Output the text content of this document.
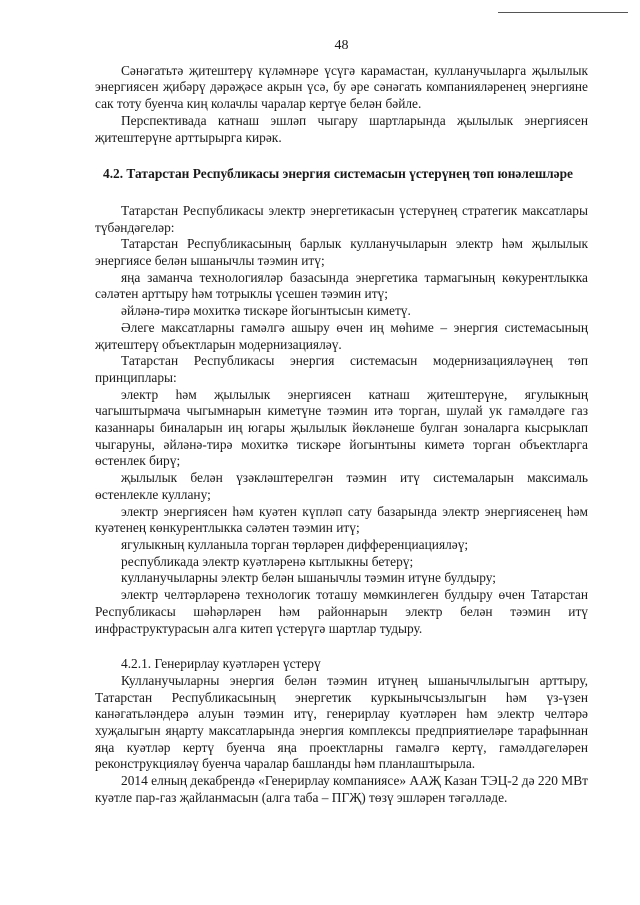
48

Сәнәгатьтә җитештерү күләмнәре үсүгә карамастан, кулланучыларга җылылык энергиясен җибәрү дәрәҗәсе акрын үсә, бу әре сәнәгать компанияләренең энергияне сак тоту буенча киң колачлы чаралар кертүе белән бәйле.

Перспективада катнаш эшләп чыгару шартларында җылылык энергиясен җитештерүне арттырырга кирәк.

4.2. Татарстан Республикасы энергия системасын үстерүнең төп юнәлешләре

Татарстан Республикасы электр энергетикасын үстерүнең стратегик максатлары түбәндәгеләр:

Татарстан Республикасының барлык кулланучыларын электр һәм җылылык энергиясе белән ышанычлы тәэмин итү;

яңа заманча технологияләр базасында энергетика тармагының көкурентлыкка сәләтен арттыру һәм тотрыклы үсешен тәэмин итү;

әйләнә-тирә мохиткә тискәре йогынтысын киметү.

Әлеге максатларны гамәлгә ашыру өчен иң мөһиме – энергия системасының җитештерү объектларын модернизацияләү.

Татарстан Республикасы энергия системасын модернизацияләүнең төп принциплары:

электр һәм җылылык энергиясен катнаш җитештерүне, ягулыкның чагыштырмача чыгымнарын киметүне тәэмин итә торган, шулай ук гамәлдәге газ казаннары биналарын иң югары җылылык йөкләнеше булган зоналарга кысрыклап чыгаруны, әйләнә-тирә мохиткә тискәре йогынтыны киметә торган объектларга өстенлек бирү;

җылылык белән үзәкләштерелгән тәэмин итү системаларын максималь өстенлекле куллану;

электр энергиясен һәм куәтен күпләп сату базарында электр энергиясенең һәм куәтенең көнкурентлыкка сәләтен тәэмин итү;

ягулыкның кулланыла торган төрләрен дифференциацияләү;

республикада электр куәтләренә кытлыкны бетерү;

кулланучыларны электр белән ышанычлы тәэмин итүне булдыру;

электр челтәрләренә технологик тоташу мөмкинлеген булдыру өчен Татарстан Республикасы шәһәрләрен һәм районнарын электр белән тәэмин итү инфраструктурасын алга китеп үстерүгә шартлар тудыру.

4.2.1. Генерирлау куәтләрен үстерү

Кулланучыларны энергия белән тәэмин итүнең ышанычлылыгын арттыру, Татарстан Республикасының энергетик куркынычсызлыгын һәм үз-үзен канәгатьләндерә алуын тәэмин итү, генерирлау куәтләрен һәм электр челтәрә хуҗалыгын яңарту максатларында энергия комплексы предприятиеләре тарафыннан яңа куәтләр кертү буенча яңа проектларны гамәлгә кертү, гамәлдәгеләрен реконструкцияләү буенча чаралар башланды һәм планлаштырыла.

2014 елның декабрендә «Генерирлау компаниясе» ААҖ Казан ТЭЦ-2 дә 220 МВт куәтле пар-газ җайланмасын (алга таба – ПГҖ) төзү эшләрен тәгәлләде.
